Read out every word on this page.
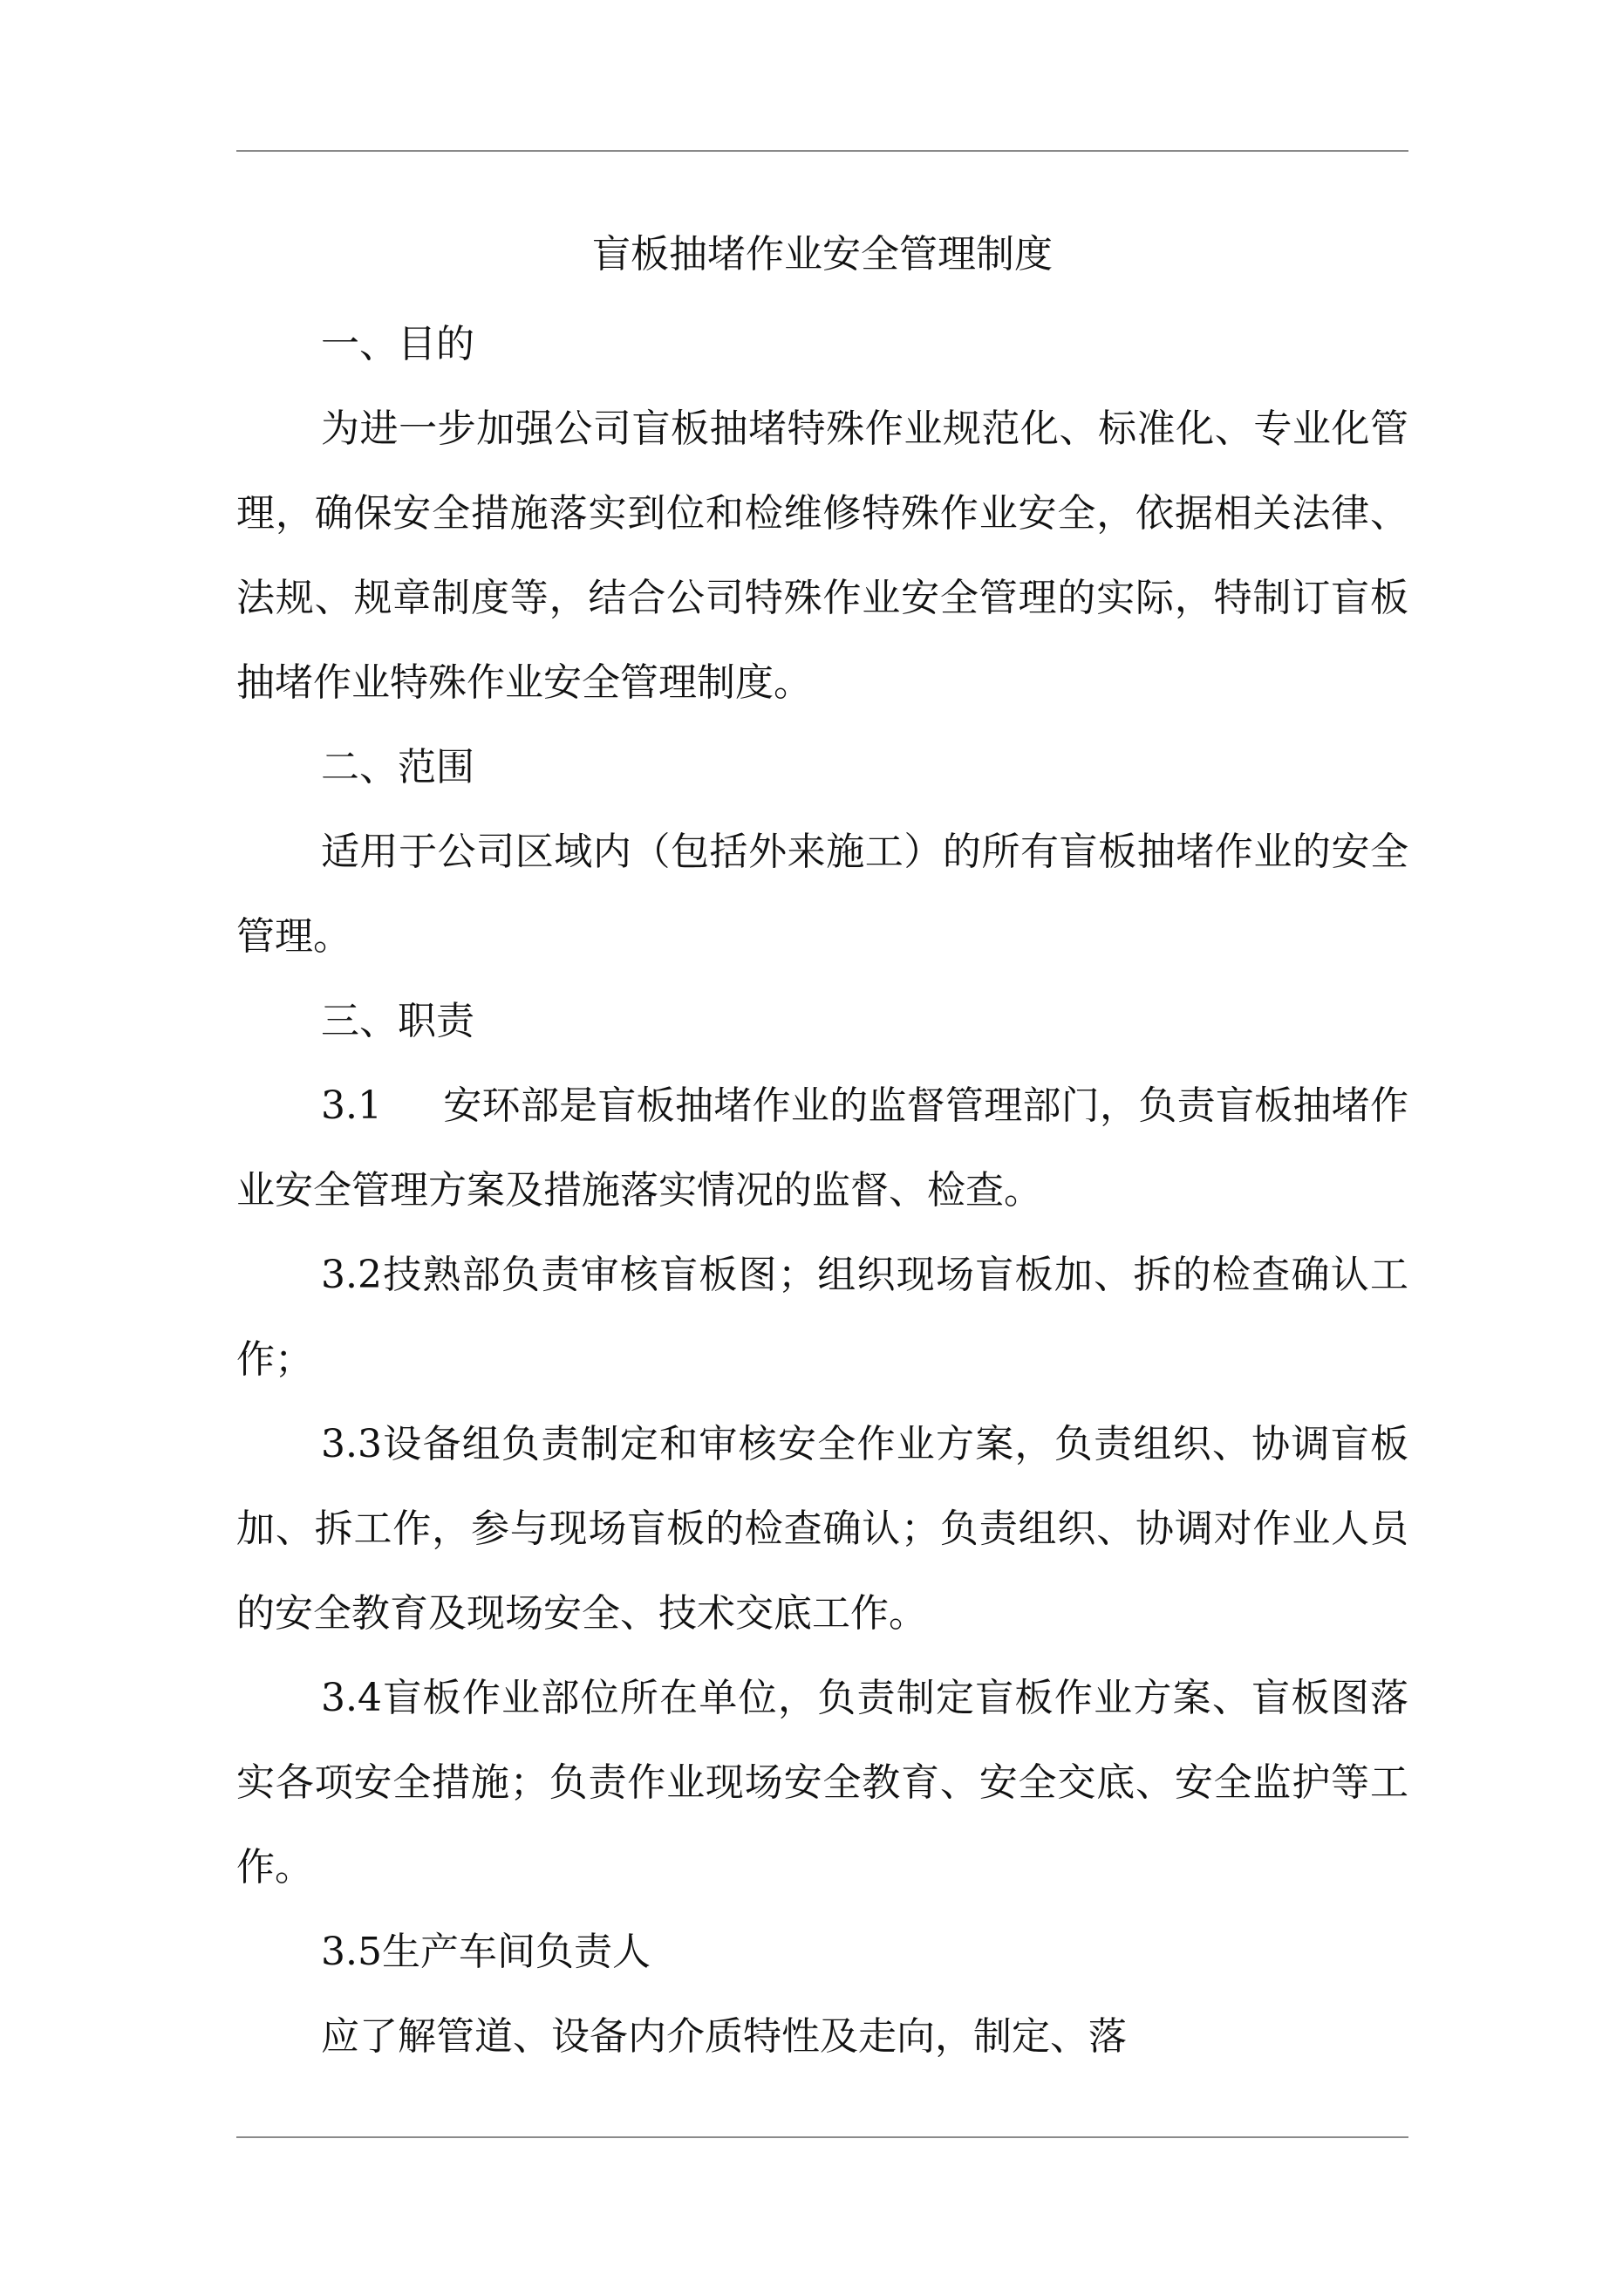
盲板抽堵作业安全管理制度

一、目的

为进一步加强公司盲板抽堵特殊作业规范化、标准化、专业化管理，确保安全措施落实到位和检维修特殊作业安全，依据相关法律、法规、规章制度等，结合公司特殊作业安全管理的实际，特制订盲板抽堵作业特殊作业安全管理制度。

二、范围

适用于公司区域内（包括外来施工）的所有盲板抽堵作业的安全管理。

三、职责

3.1 安环部是盲板抽堵作业的监督管理部门，负责盲板抽堵作业安全管理方案及措施落实情况的监督、检查。

3.2技熟部负责审核盲板图；组织现场盲板加、拆的检查确认工作；

3.3设备组负责制定和审核安全作业方案，负责组织、协调盲板加、拆工作，参与现场盲板的检查确认；负责组织、协调对作业人员的安全教育及现场安全、技术交底工作。

3.4盲板作业部位所在单位，负责制定盲板作业方案、盲板图落实各项安全措施；负责作业现场安全教育、安全交底、安全监护等工作。

3.5生产车间负责人

应了解管道、设备内介质特性及走向，制定、落
